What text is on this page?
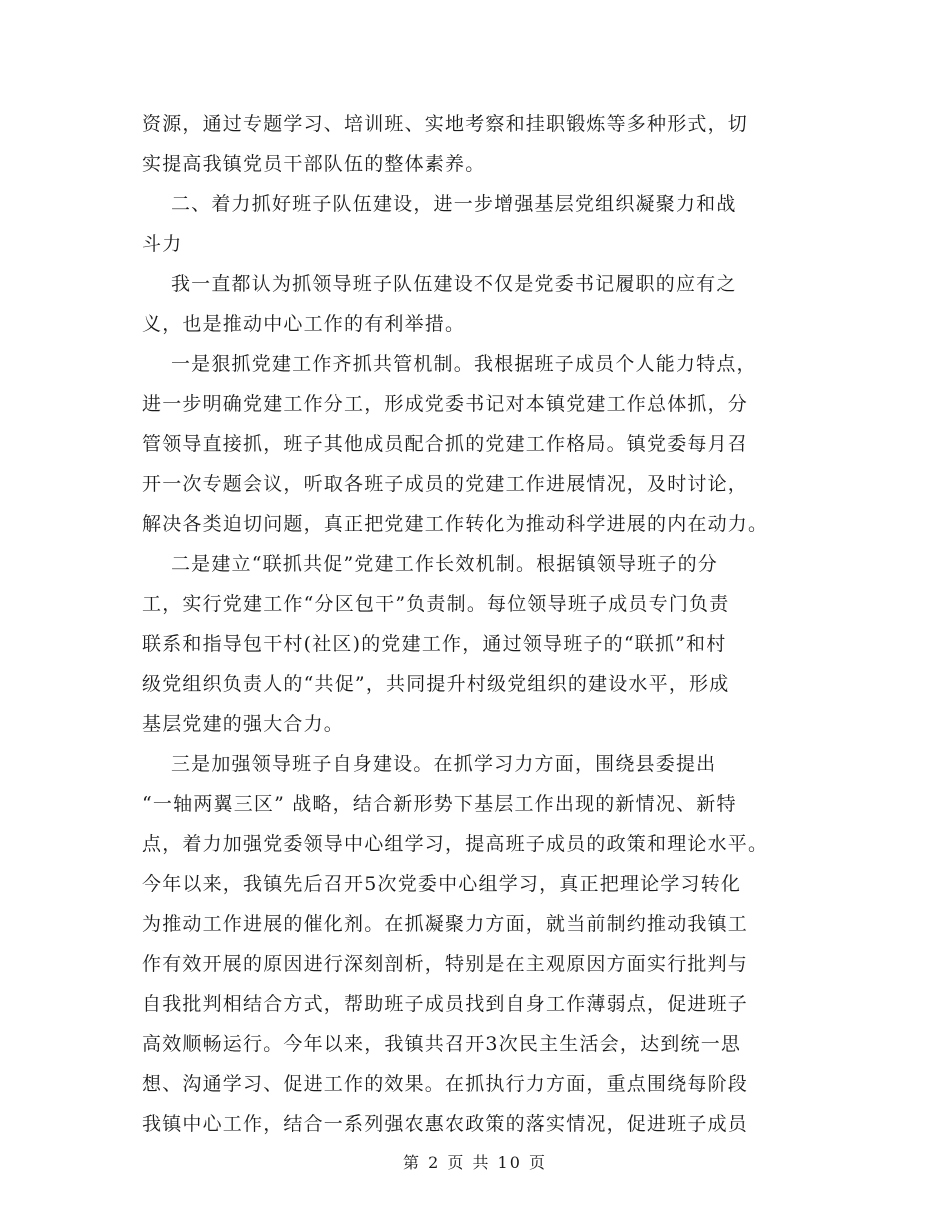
资源，通过专题学习、培训班、实地考察和挂职锻炼等多种形式，切
实提高我镇党员干部队伍的整体素养。
二、着力抓好班子队伍建设，进一步增强基层党组织凝聚力和战
斗力
我一直都认为抓领导班子队伍建设不仅是党委书记履职的应有之
义，也是推动中心工作的有利举措。
一是狠抓党建工作齐抓共管机制。我根据班子成员个人能力特点，
进一步明确党建工作分工，形成党委书记对本镇党建工作总体抓，分
管领导直接抓，班子其他成员配合抓的党建工作格局。镇党委每月召
开一次专题会议，听取各班子成员的党建工作进展情况，及时讨论，
解决各类迫切问题，真正把党建工作转化为推动科学进展的内在动力。
二是建立“联抓共促”党建工作长效机制。根据镇领导班子的分
工，实行党建工作“分区包干”负责制。每位领导班子成员专门负责
联系和指导包干村(社区)的党建工作，通过领导班子的“联抓”和村
级党组织负责人的“共促”，共同提升村级党组织的建设水平，形成
基层党建的强大合力。
三是加强领导班子自身建设。在抓学习力方面，围绕县委提出
“一轴两翼三区” 战略，结合新形势下基层工作出现的新情况、新特
点，着力加强党委领导中心组学习，提高班子成员的政策和理论水平。
今年以来，我镇先后召开5次党委中心组学习，真正把理论学习转化
为推动工作进展的催化剂。在抓凝聚力方面，就当前制约推动我镇工
作有效开展的原因进行深刻剖析，特别是在主观原因方面实行批判与
自我批判相结合方式，帮助班子成员找到自身工作薄弱点，促进班子
高效顺畅运行。今年以来，我镇共召开3次民主生活会，达到统一思
想、沟通学习、促进工作的效果。在抓执行力方面，重点围绕每阶段
我镇中心工作，结合一系列强农惠农政策的落实情况，促进班子成员
第 2 页 共 10 页
